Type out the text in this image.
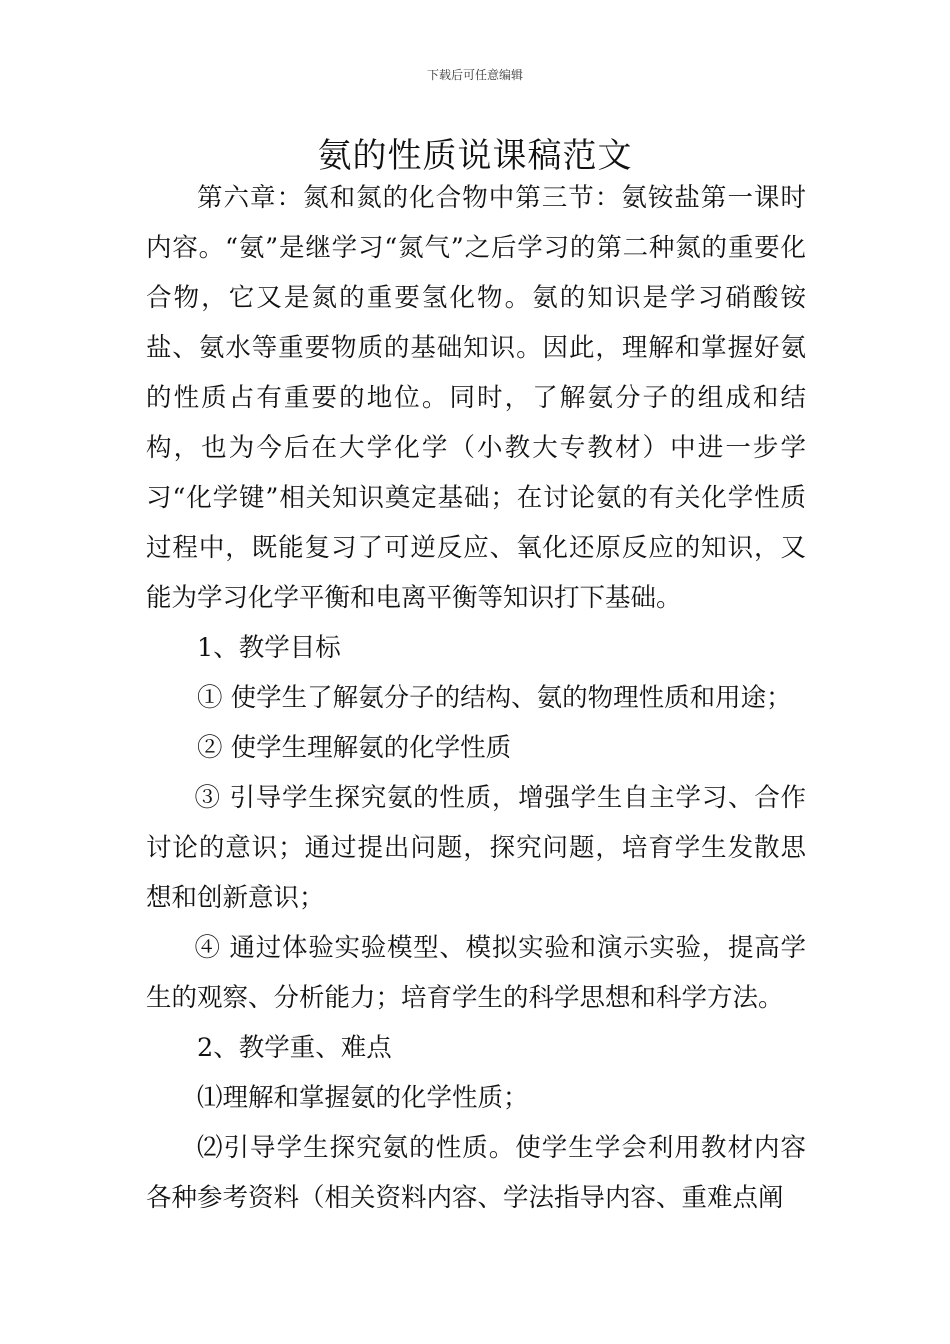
下载后可任意编辑
氨的性质说课稿范文

第六章：氮和氮的化合物中第三节：氨铵盐第一课时内容。“氨”是继学习“氮气”之后学习的第二种氮的重要化合物，它又是氮的重要氢化物。氨的知识是学习硝酸铵盐、氨水等重要物质的基础知识。因此，理解和掌握好氨的性质占有重要的地位。同时，了解氨分子的组成和结构，也为今后在大学化学（小教大专教材）中进一步学习“化学键”相关知识奠定基础；在讨论氨的有关化学性质过程中，既能复习了可逆反应、氧化还原反应的知识，又能为学习化学平衡和电离平衡等知识打下基础。

1、教学目标

① 使学生了解氨分子的结构、氨的物理性质和用途；

② 使学生理解氨的化学性质

③ 引导学生探究氨的性质，增强学生自主学习、合作讨论的意识；通过提出问题，探究问题，培育学生发散思想和创新意识；

④ 通过体验实验模型、模拟实验和演示实验，提高学生的观察、分析能力；培育学生的科学思想和科学方法。

2、教学重、难点

⑴理解和掌握氨的化学性质；

⑵引导学生探究氨的性质。使学生学会利用教材内容各种参考资料（相关资料内容、学法指导内容、重难点阐
